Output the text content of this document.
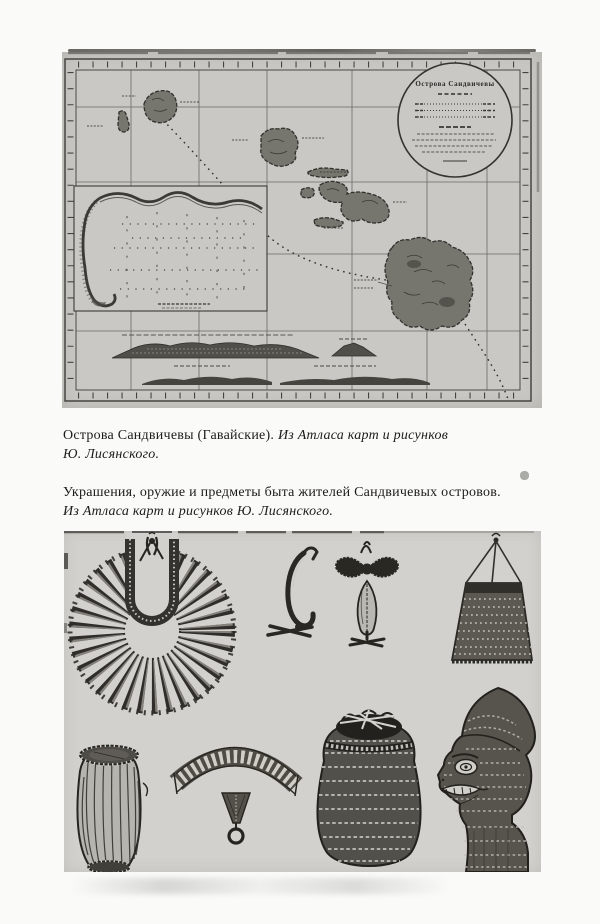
Острова Сандвичевы
Острова Сандвичевы (Гавайские). Из Атласа карт и рисунков
Ю. Лисянского.
Украшения, оружие и предметы быта жителей Сандвичевых островов.
Из Атласа карт и рисунков Ю. Лисянского.
